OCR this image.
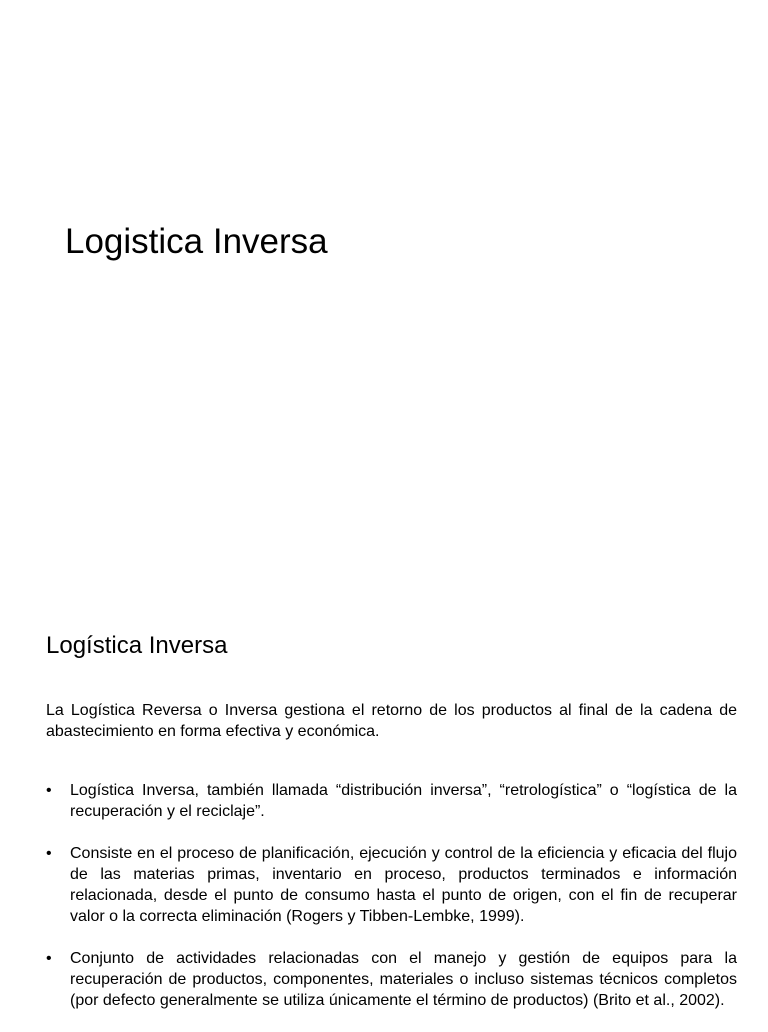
Logistica Inversa
Logística Inversa

La Logística Reversa o Inversa gestiona el retorno de los productos al final de la cadena de abastecimiento en forma efectiva y económica.

• Logística Inversa, también llamada “distribución inversa”, “retrologística” o “logística de la recuperación y el reciclaje”.
• Consiste en el proceso de planificación, ejecución y control de la eficiencia y eficacia del flujo de las materias primas, inventario en proceso, productos terminados e información relacionada, desde el punto de consumo hasta el punto de origen, con el fin de recuperar valor o la correcta eliminación (Rogers y Tibben-Lembke, 1999).
• Conjunto de actividades relacionadas con el manejo y gestión de equipos para la recuperación de productos, componentes, materiales o incluso sistemas técnicos completos (por defecto generalmente se utiliza únicamente el término de productos) (Brito et al., 2002).
